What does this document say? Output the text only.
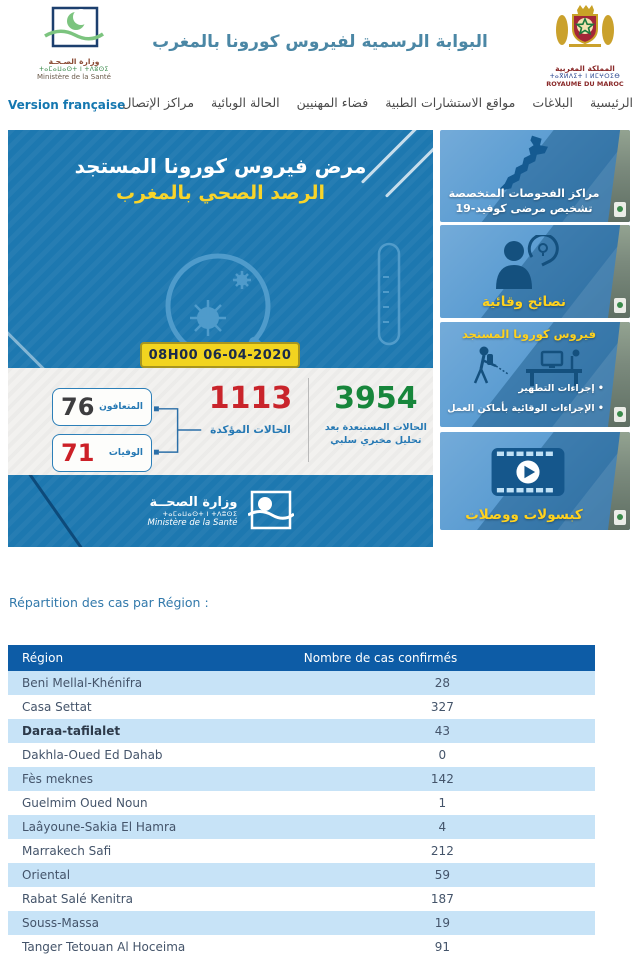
وزارة الصـحـة
ⵜⴰⵎⴰⵡⴰⵙⵜ ⵏ ⵜⴷⵓⵙⵉ
Ministère de la Santé
البوابة الرسمية لفيروس كورونا بالمغرب
المملكة المغربية
ⵜⴰⴳⵍⴷⵉⵜ ⵏ ⵍⵎⵖⵔⵉⴱ
ROYAUME DU MAROC
Version française	الرئيسية
البلاغات
مواقع الاستشارات الطبية
فضاء المهنيين
الحالة الوبائية
مراكز الإتصال
مرض فيروس كورونا المستجد
الرصد الصحي بالمغرب
08H00 06-04-2020
المتعافون
76
الوفيات
71
1113
الحالات المؤكدة
3954
الحالات المستبعدة بعد
تحليل مخبري سلبي
وزارة الصحــة
ⵜⴰⵎⴰⵡⴰⵙⵜ ⵏ ⵜⴷⵓⵙⵉ
Ministère de la Santé
مراكز الفحوصات المتخصصة
تشخيص مرضى كوفيد-19
نصائح وقائية
فيروس كورونا المستجد
• إجراءات التطهير
• الإجراءات الوقائية بأماكن العمل
كبسولات ووصلات
Répartition des cas par Région :
Région	Nombre de cas confirmés
Beni Mellal-Khénifra	28
Casa Settat	327
Daraa-tafilalet	43
Dakhla-Oued Ed Dahab	0
Fès meknes	142
Guelmim Oued Noun	1
Laâyoune-Sakia El Hamra	4
Marrakech Safi	212
Oriental	59
Rabat Salé Kenitra	187
Souss-Massa	19
Tanger Tetouan Al Hoceima	91
